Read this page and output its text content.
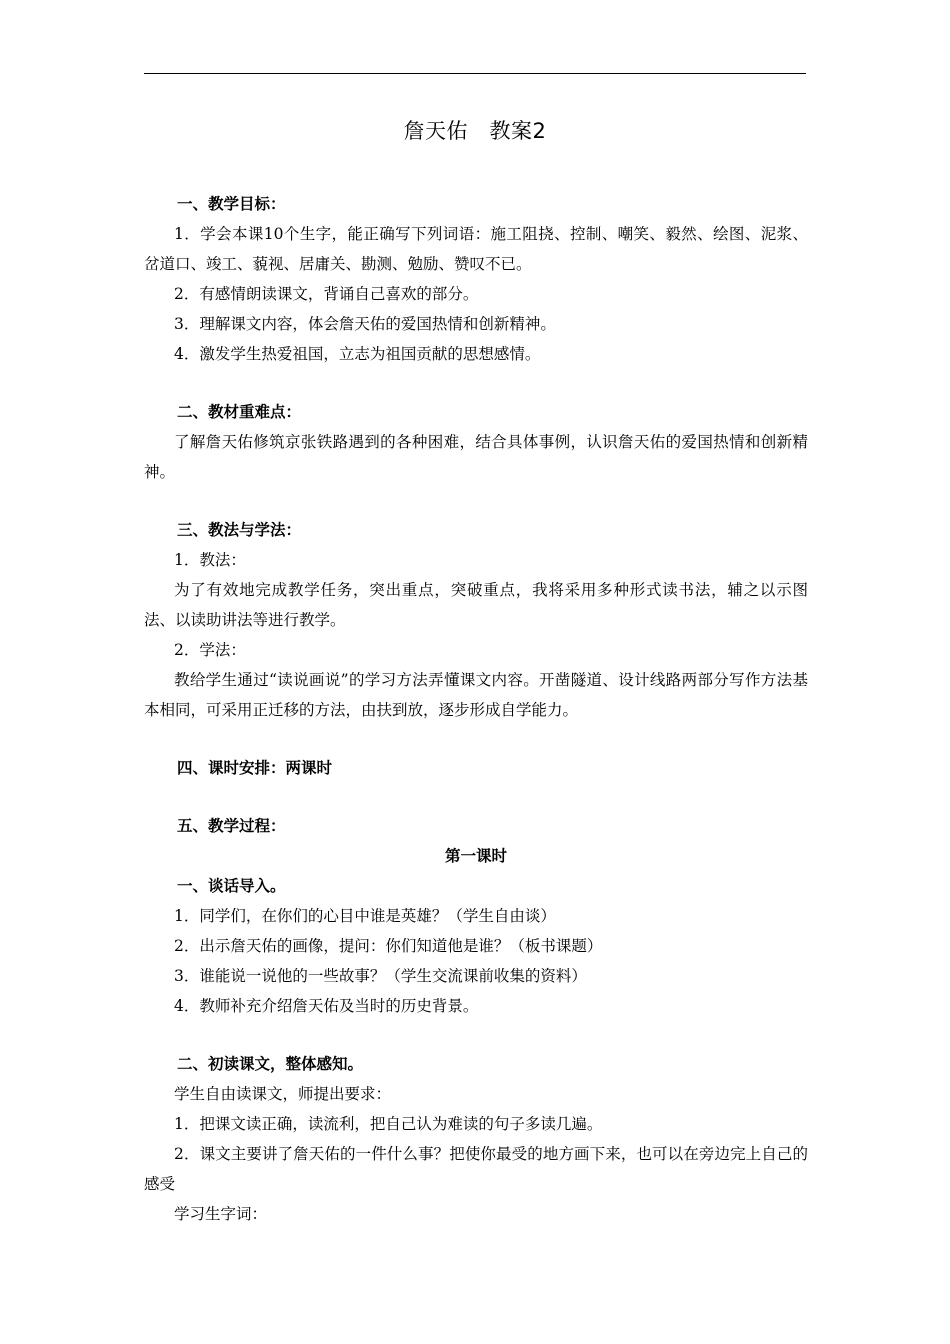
詹天佑　教案2

一、教学目标：

1．学会本课10个生字，能正确写下列词语：施工阻挠、控制、嘲笑、毅然、绘图、泥浆、岔道口、竣工、藐视、居庸关、勘测、勉励、赞叹不已。

2．有感情朗读课文，背诵自己喜欢的部分。

3．理解课文内容，体会詹天佑的爱国热情和创新精神。

4．激发学生热爱祖国，立志为祖国贡献的思想感情。

二、教材重难点：

了解詹天佑修筑京张铁路遇到的各种困难，结合具体事例，认识詹天佑的爱国热情和创新精神。

三、教法与学法：

1．教法：

为了有效地完成教学任务，突出重点，突破重点，我将采用多种形式读书法，辅之以示图法、以读助讲法等进行教学。

2．学法：

教给学生通过“读说画说”的学习方法弄懂课文内容。开凿隧道、设计线路两部分写作方法基本相同，可采用正迁移的方法，由扶到放，逐步形成自学能力。

四、课时安排：两课时

五、教学过程：

第一课时

一、谈话导入。

1．同学们，在你们的心目中谁是英雄？（学生自由谈）

2．出示詹天佑的画像，提问：你们知道他是谁？（板书课题）

3．谁能说一说他的一些故事？（学生交流课前收集的资料）

4．教师补充介绍詹天佑及当时的历史背景。

二、初读课文，整体感知。

学生自由读课文，师提出要求：

1．把课文读正确，读流利，把自己认为难读的句子多读几遍。

2．课文主要讲了詹天佑的一件什么事？把使你最受的地方画下来，也可以在旁边完上自己的感受

学习生字词：
